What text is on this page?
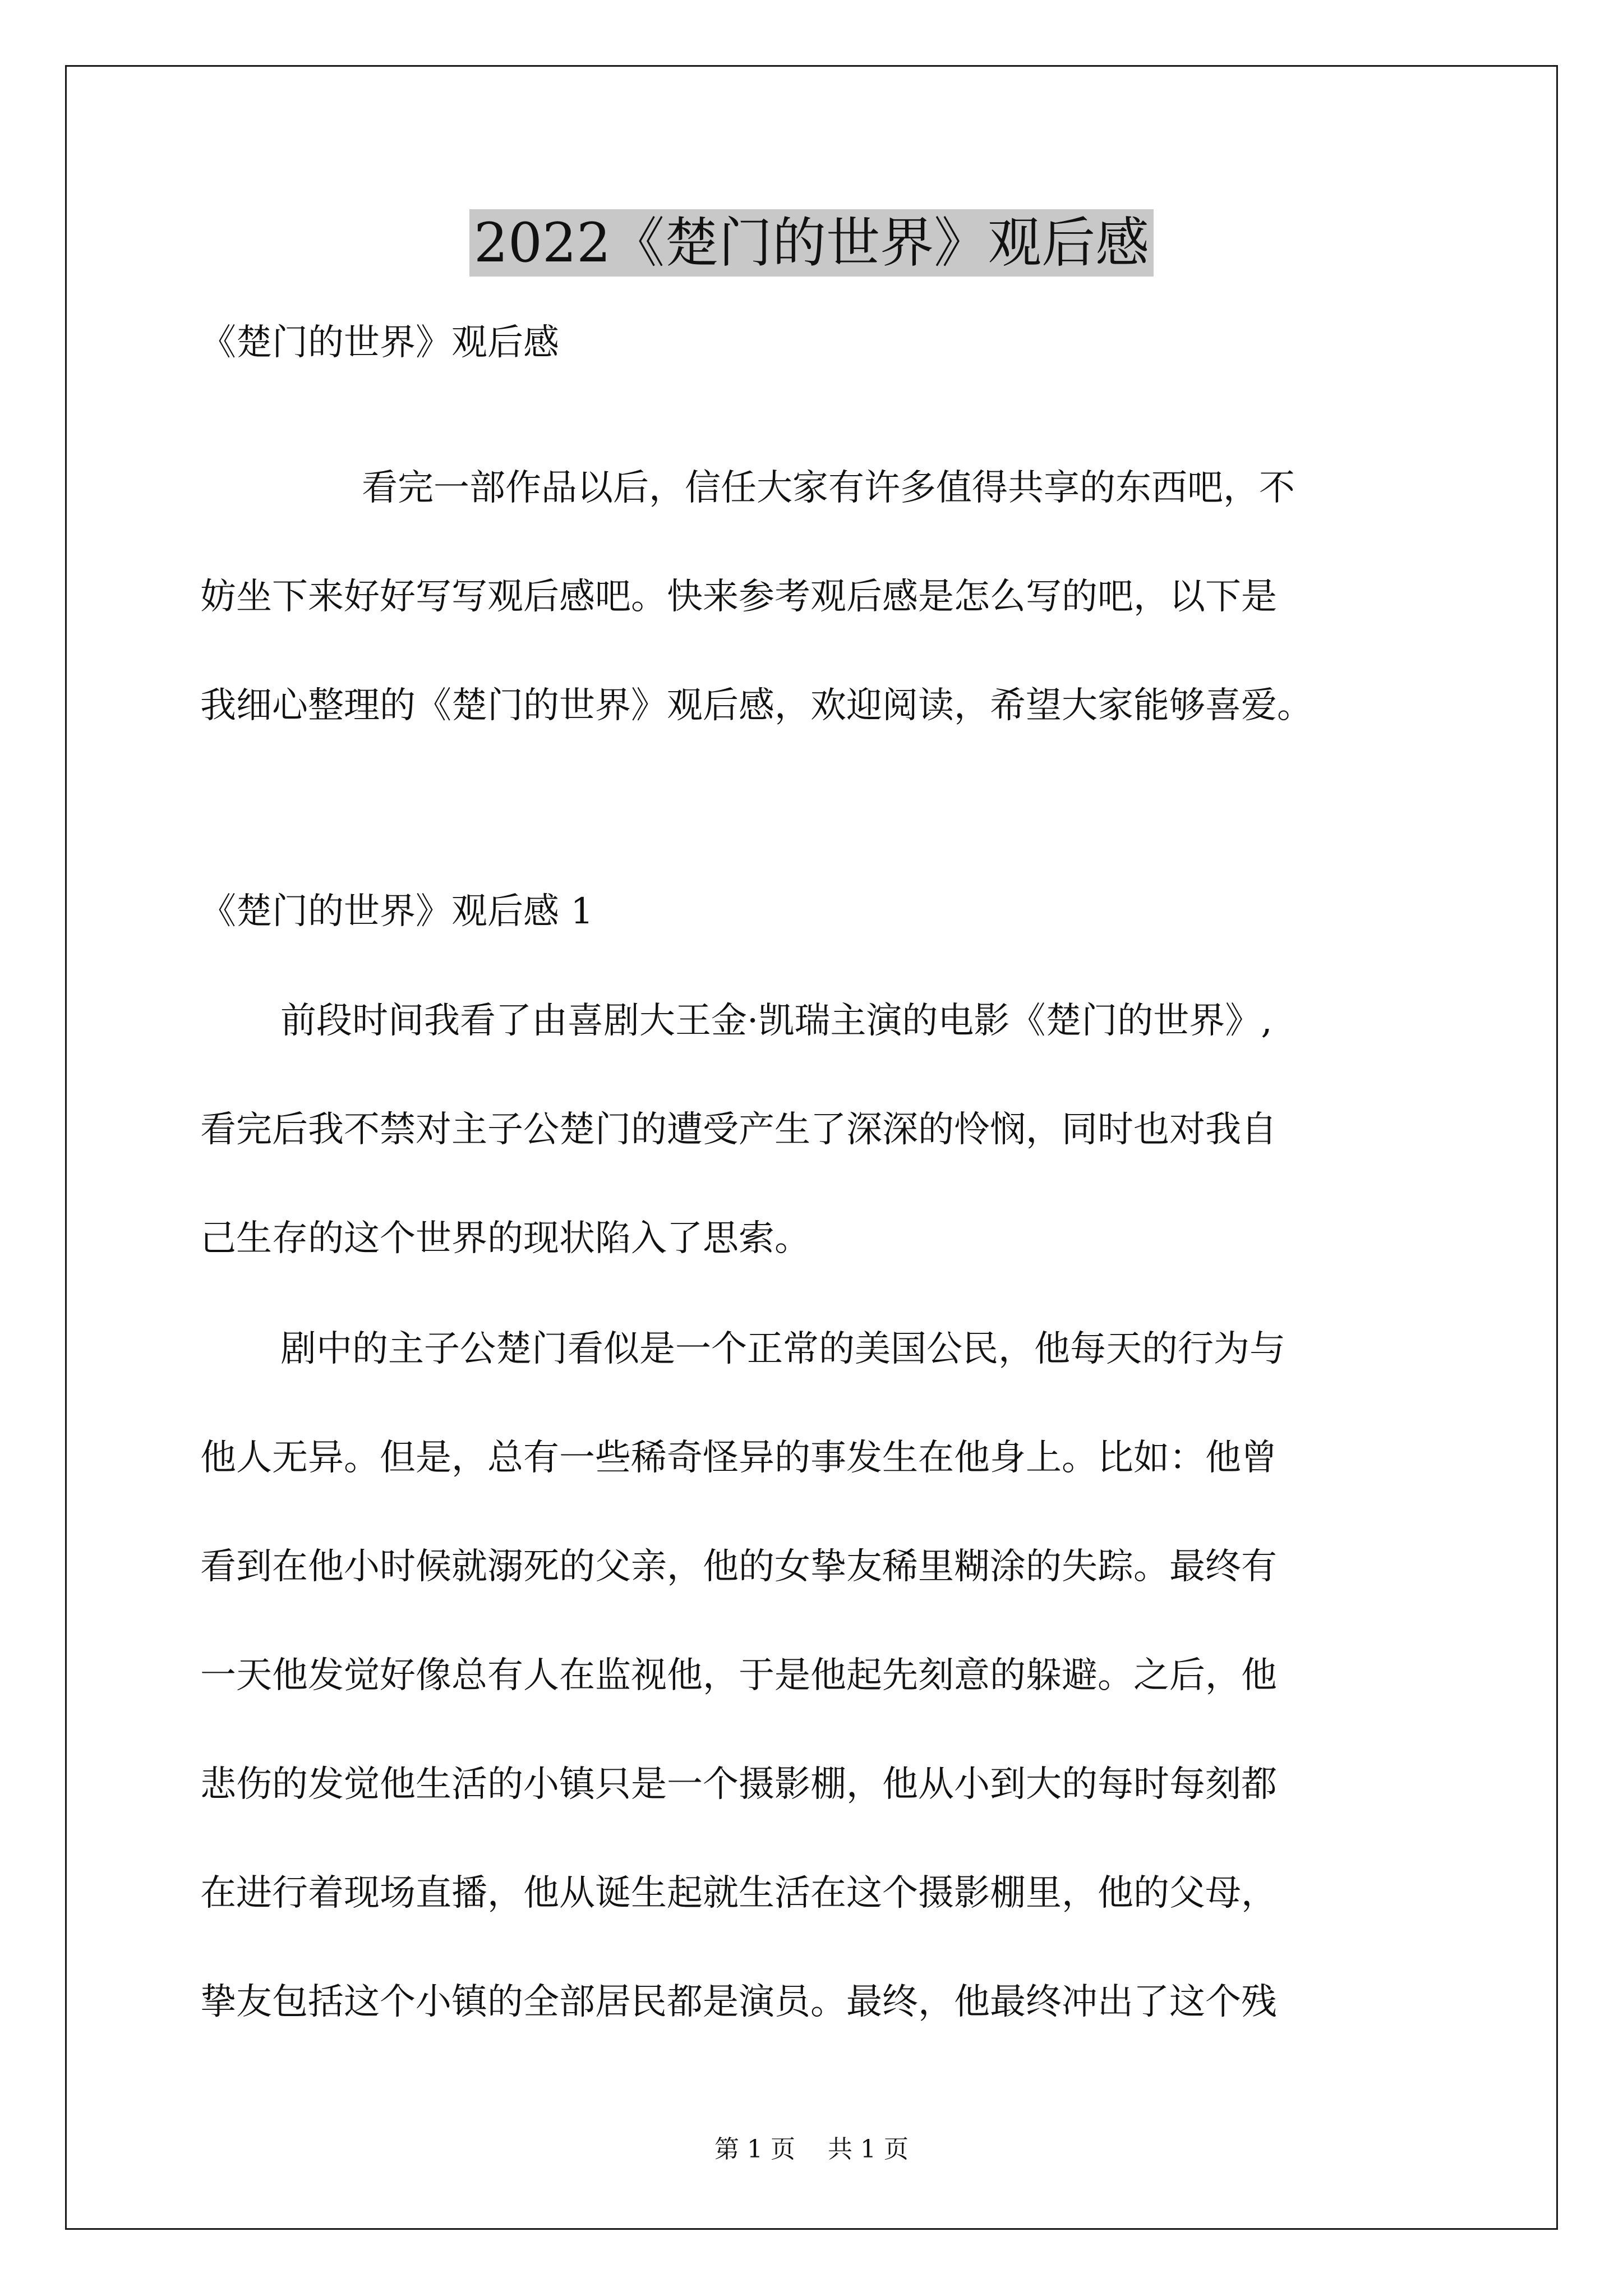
2022《楚门的世界》观后感
《楚门的世界》观后感
看完一部作品以后，信任大家有许多值得共享的东西吧，不
妨坐下来好好写写观后感吧。快来参考观后感是怎么写的吧，以下是
我细心整理的《楚门的世界》观后感，欢迎阅读，希望大家能够喜爱。
《楚门的世界》观后感 1
前段时间我看了由喜剧大王金·凯瑞主演的电影《楚门的世界》,
看完后我不禁对主子公楚门的遭受产生了深深的怜悯，同时也对我自
己生存的这个世界的现状陷入了思索。
剧中的主子公楚门看似是一个正常的美国公民，他每天的行为与
他人无异。但是，总有一些稀奇怪异的事发生在他身上。比如：他曾
看到在他小时候就溺死的父亲，他的女挚友稀里糊涂的失踪。最终有
一天他发觉好像总有人在监视他，于是他起先刻意的躲避。之后，他
悲伤的发觉他生活的小镇只是一个摄影棚，他从小到大的每时每刻都
在进行着现场直播，他从诞生起就生活在这个摄影棚里，他的父母，
挚友包括这个小镇的全部居民都是演员。最终，他最终冲出了这个残
第 1 页 共 1 页
